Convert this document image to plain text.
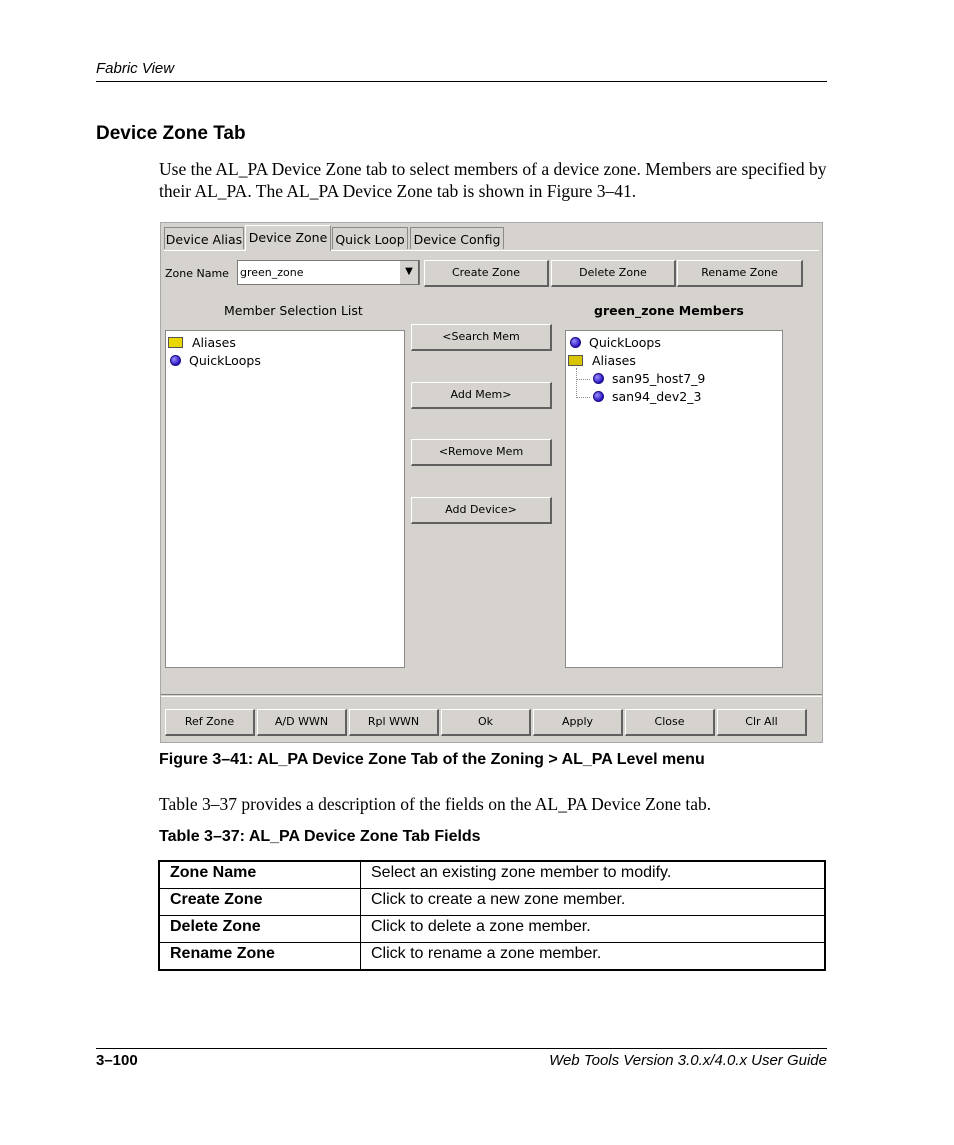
Fabric View
Device Zone Tab
Use the AL_PA Device Zone tab to select members of a device zone. Members are specified by their AL_PA. The AL_PA Device Zone tab is shown in Figure 3–41.
Device Alias Device Zone Quick Loop Device Config
Zone Name green_zone	▼	Create Zone	Delete Zone	Rename Zone
Member Selection List	green_zone Members
Aliases
QuickLoops
<Search Mem
Add Mem>
<Remove Mem
Add Device>
QuickLoops
Aliases
san95_host7_9
san94_dev2_3
Ref Zone	A/D WWN	Rpl WWN	Ok	Apply	Close	Clr All
Figure 3–41: AL_PA Device Zone Tab of the Zoning > AL_PA Level menu
Table 3–37 provides a description of the fields on the AL_PA Device Zone tab.
Table 3–37: AL_PA Device Zone Tab Fields
Zone Name	Select an existing zone member to modify.
Create Zone	Click to create a new zone member.
Delete Zone	Click to delete a zone member.
Rename Zone	Click to rename a zone member.
3–100	Web Tools Version 3.0.x/4.0.x User Guide
